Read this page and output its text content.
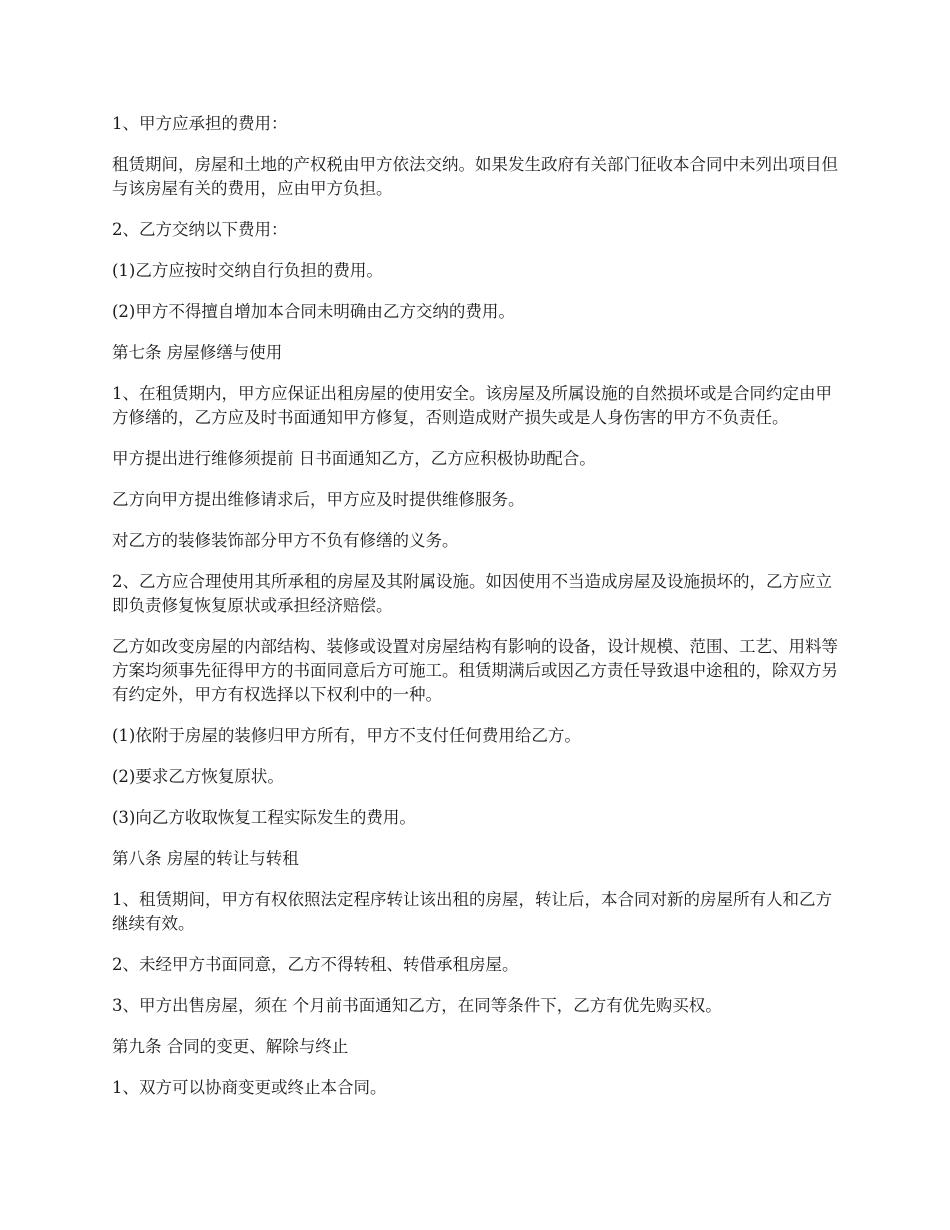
1、甲方应承担的费用：

租赁期间，房屋和土地的产权税由甲方依法交纳。如果发生政府有关部门征收本合同中未列出项目但与该房屋有关的费用，应由甲方负担。

2、乙方交纳以下费用：

(1)乙方应按时交纳自行负担的费用。

(2)甲方不得擅自增加本合同未明确由乙方交纳的费用。

第七条 房屋修缮与使用

1、在租赁期内，甲方应保证出租房屋的使用安全。该房屋及所属设施的自然损坏或是合同约定由甲方修缮的，乙方应及时书面通知甲方修复，否则造成财产损失或是人身伤害的甲方不负责任。

甲方提出进行维修须提前 日书面通知乙方，乙方应积极协助配合。

乙方向甲方提出维修请求后，甲方应及时提供维修服务。

对乙方的装修装饰部分甲方不负有修缮的义务。

2、乙方应合理使用其所承租的房屋及其附属设施。如因使用不当造成房屋及设施损坏的，乙方应立即负责修复恢复原状或承担经济赔偿。

乙方如改变房屋的内部结构、装修或设置对房屋结构有影响的设备，设计规模、范围、工艺、用料等方案均须事先征得甲方的书面同意后方可施工。租赁期满后或因乙方责任导致退中途租的，除双方另有约定外，甲方有权选择以下权利中的一种。

(1)依附于房屋的装修归甲方所有，甲方不支付任何费用给乙方。

(2)要求乙方恢复原状。

(3)向乙方收取恢复工程实际发生的费用。

第八条 房屋的转让与转租

1、租赁期间，甲方有权依照法定程序转让该出租的房屋，转让后，本合同对新的房屋所有人和乙方继续有效。

2、未经甲方书面同意，乙方不得转租、转借承租房屋。

3、甲方出售房屋，须在 个月前书面通知乙方，在同等条件下，乙方有优先购买权。

第九条 合同的变更、解除与终止

1、双方可以协商变更或终止本合同。
